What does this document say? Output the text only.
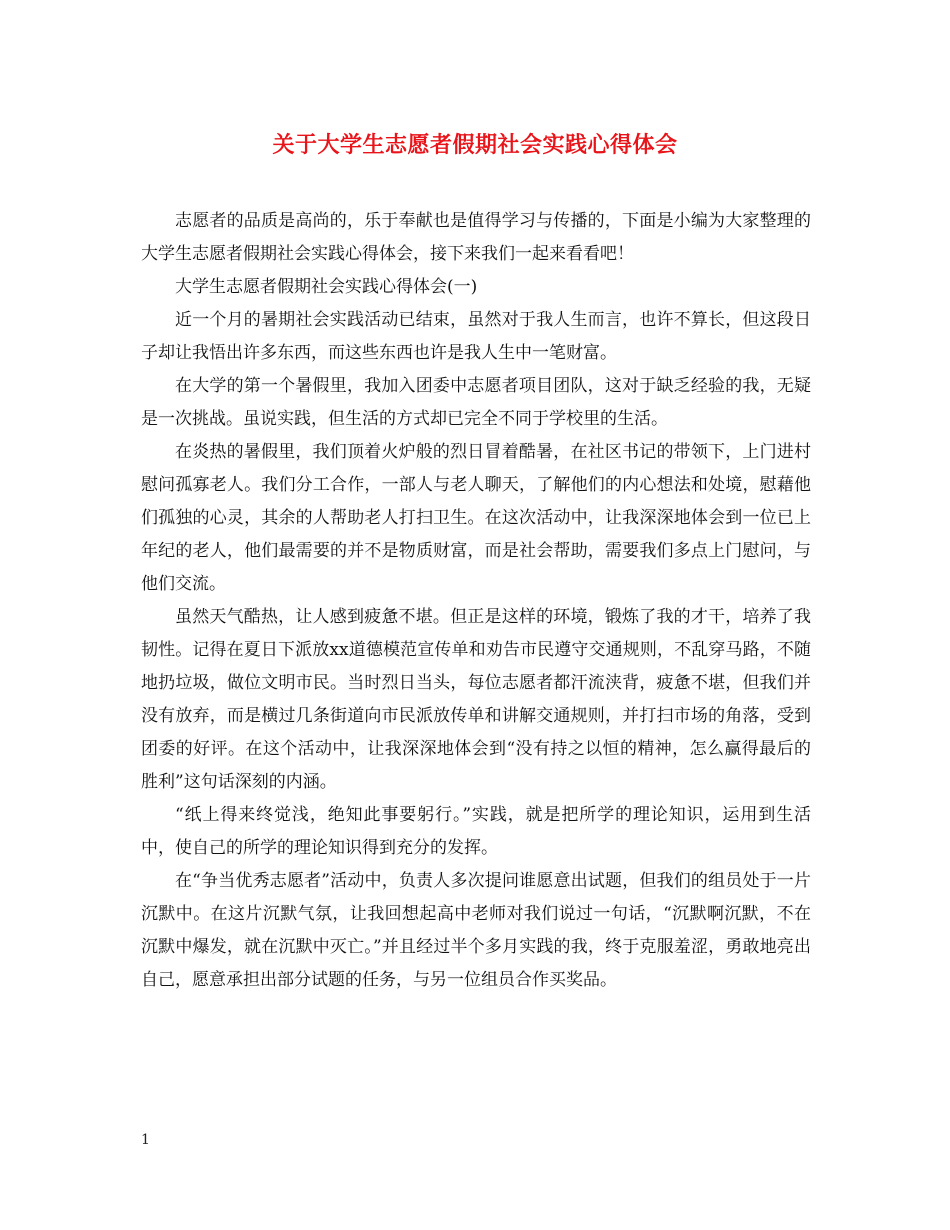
关于大学生志愿者假期社会实践心得体会

志愿者的品质是高尚的，乐于奉献也是值得学习与传播的，下面是小编为大家整理的大学生志愿者假期社会实践心得体会，接下来我们一起来看看吧！

大学生志愿者假期社会实践心得体会(一)

近一个月的暑期社会实践活动已结束，虽然对于我人生而言，也许不算长，但这段日子却让我悟出许多东西，而这些东西也许是我人生中一笔财富。

在大学的第一个暑假里，我加入团委中志愿者项目团队，这对于缺乏经验的我，无疑是一次挑战。虽说实践，但生活的方式却已完全不同于学校里的生活。

在炎热的暑假里，我们顶着火炉般的烈日冒着酷暑，在社区书记的带领下，上门进村慰问孤寡老人。我们分工合作，一部人与老人聊天，了解他们的内心想法和处境，慰藉他们孤独的心灵，其余的人帮助老人打扫卫生。在这次活动中，让我深深地体会到一位已上年纪的老人，他们最需要的并不是物质财富，而是社会帮助，需要我们多点上门慰问，与他们交流。

虽然天气酷热，让人感到疲惫不堪。但正是这样的环境，锻炼了我的才干，培养了我韧性。记得在夏日下派放xx道德模范宣传单和劝告市民遵守交通规则，不乱穿马路，不随地扔垃圾，做位文明市民。当时烈日当头，每位志愿者都汗流浃背，疲惫不堪，但我们并没有放弃，而是横过几条街道向市民派放传单和讲解交通规则，并打扫市场的角落，受到团委的好评。在这个活动中，让我深深地体会到“没有持之以恒的精神，怎么赢得最后的胜利”这句话深刻的内涵。

“纸上得来终觉浅，绝知此事要躬行。”实践，就是把所学的理论知识，运用到生活中，使自己的所学的理论知识得到充分的发挥。

在“争当优秀志愿者”活动中，负责人多次提问谁愿意出试题，但我们的组员处于一片沉默中。在这片沉默气氛，让我回想起高中老师对我们说过一句话，“沉默啊沉默，不在沉默中爆发，就在沉默中灭亡。”并且经过半个多月实践的我，终于克服羞涩，勇敢地亮出自己，愿意承担出部分试题的任务，与另一位组员合作买奖品。

1
